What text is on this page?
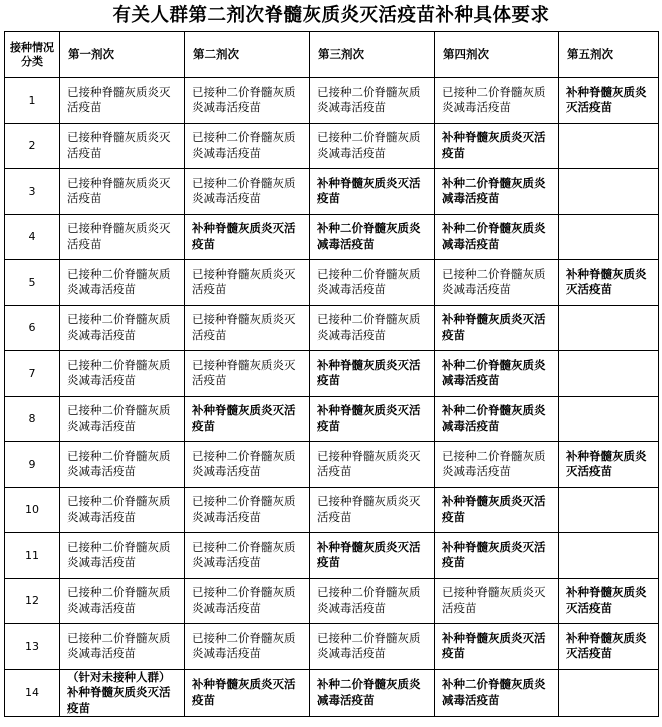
有关人群第二剂次脊髓灰质炎灭活疫苗补种具体要求
接种情况分类	第一剂次	第二剂次	第三剂次	第四剂次	第五剂次
1	已接种脊髓灰质炎灭活疫苗	已接种二价脊髓灰质炎减毒活疫苗	已接种二价脊髓灰质炎减毒活疫苗	已接种二价脊髓灰质炎减毒活疫苗	补种脊髓灰质炎灭活疫苗
2	已接种脊髓灰质炎灭活疫苗	已接种二价脊髓灰质炎减毒活疫苗	已接种二价脊髓灰质炎减毒活疫苗	补种脊髓灰质炎灭活疫苗	
3	已接种脊髓灰质炎灭活疫苗	已接种二价脊髓灰质炎减毒活疫苗	补种脊髓灰质炎灭活疫苗	补种二价脊髓灰质炎减毒活疫苗	
4	已接种脊髓灰质炎灭活疫苗	补种脊髓灰质炎灭活疫苗	补种二价脊髓灰质炎减毒活疫苗	补种二价脊髓灰质炎减毒活疫苗	
5	已接种二价脊髓灰质炎减毒活疫苗	已接种脊髓灰质炎灭活疫苗	已接种二价脊髓灰质炎减毒活疫苗	已接种二价脊髓灰质炎减毒活疫苗	补种脊髓灰质炎灭活疫苗
6	已接种二价脊髓灰质炎减毒活疫苗	已接种脊髓灰质炎灭活疫苗	已接种二价脊髓灰质炎减毒活疫苗	补种脊髓灰质炎灭活疫苗	
7	已接种二价脊髓灰质炎减毒活疫苗	已接种脊髓灰质炎灭活疫苗	补种脊髓灰质炎灭活疫苗	补种二价脊髓灰质炎减毒活疫苗	
8	已接种二价脊髓灰质炎减毒活疫苗	补种脊髓灰质炎灭活疫苗	补种脊髓灰质炎灭活疫苗	补种二价脊髓灰质炎减毒活疫苗	
9	已接种二价脊髓灰质炎减毒活疫苗	已接种二价脊髓灰质炎减毒活疫苗	已接种脊髓灰质炎灭活疫苗	已接种二价脊髓灰质炎减毒活疫苗	补种脊髓灰质炎灭活疫苗
10	已接种二价脊髓灰质炎减毒活疫苗	已接种二价脊髓灰质炎减毒活疫苗	已接种脊髓灰质炎灭活疫苗	补种脊髓灰质炎灭活疫苗	
11	已接种二价脊髓灰质炎减毒活疫苗	已接种二价脊髓灰质炎减毒活疫苗	补种脊髓灰质炎灭活疫苗	补种脊髓灰质炎灭活疫苗	
12	已接种二价脊髓灰质炎减毒活疫苗	已接种二价脊髓灰质炎减毒活疫苗	已接种二价脊髓灰质炎减毒活疫苗	已接种脊髓灰质炎灭活疫苗	补种脊髓灰质炎灭活疫苗
13	已接种二价脊髓灰质炎减毒活疫苗	已接种二价脊髓灰质炎减毒活疫苗	已接种二价脊髓灰质炎减毒活疫苗	补种脊髓灰质炎灭活疫苗	补种脊髓灰质炎灭活疫苗
14	（针对未接种人群）补种脊髓灰质炎灭活疫苗	补种脊髓灰质炎灭活疫苗	补种二价脊髓灰质炎减毒活疫苗	补种二价脊髓灰质炎减毒活疫苗	
